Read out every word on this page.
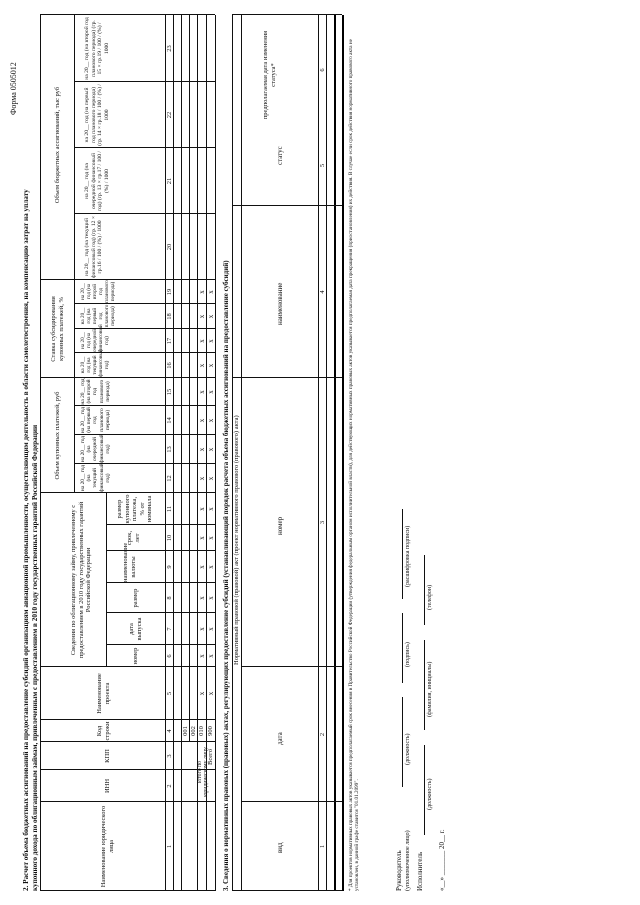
Форма 0505012
2. Расчет объема бюджетных ассигнований на предоставление субсидий организациям авиационной промышленности, осуществляющим деятельность в области самолетостроения, на компенсацию затрат на уплату купонного дохода по облигационным займам, привлеченным с предоставлением в 2010 году государственных гарантий Российской Федерации	Наименование юридического лица
ИНН
КПП
Код строки
Наименование проекта
Сведения по облигационному займу, привлеченному с предоставлением в 2010 году государственных гарантий Российской Федерации
номер
дата выпуска
размер
наименование валюты
срок, лет
размер купонного платежа, % от номинала
Объем купонных платежей, руб
Ставка субсидирования купонных платежей, %
Объем бюджетных ассигнований, тыс руб
на 20__ год (на текущий финансовый год)
на 20__ год (на очередной финансовый год)
на 20__ год (на первый год планового периода)
на 20__ год (на второй год планового периода)
на 20__ год (на текущий финансовый год)
на 20__ год (на очередной финансовый год)
на 20__ год (на первый год планового периода)
на 20__ год (на второй год планового периода)
на 20__ год (на текущий финансовый год) (гр. 12 × гр.16 / 100 / (%) / 1000
на 20__ год (на очередной финансовый год) (гр. 13 × гр.17 / 100 / (%) / 1000
на 20__ год (на первый год планового периода) (гр. 14 × гр.18 / 100 / (%) / 1000
на 20__ год (на второй год планового периода) (гр. 15 × гр.19 / 100 / (%) / 1000
1
2
3
4
5
6
7
8
9
10
11
12
13
14
15
16
17
18
19
20
21
22
23
001 002
Итого по юридическому лицу
010
Всего
900
x
x
x
x
x
x
x
x
x
x
x
x
x
x
x
x
x
x
x
x
x
x
x
x
x
x
x
x
x
x 3. Сведения о нормативных правовых (правовых) актах, регулирующих предоставление субсидий (устанавливающий порядок расчета объема бюджетных ассигнований на предоставление субсидий) Нормативный правовой (правовой) акт (проект нормативного правового (правового) акта)
вид
дата
номер
наименование
статус
предполагаемая дата изменения статуса*
1
2
3
4
5
6
Руководитель (уполномоченное лицо)
(должность)
(подпись)
(расшифровка подписи)
Исполнитель
(должность)
(фамилия, инициалы)
(телефон)
«__» _______ 20__ г.
* Для проектов нормативных правовых актов указывается предполагаемый срок внесения в Правительство Российской Федерации (утверждения федеральным органом исполнительной власти), для действующих нормативных правовых актов указывается предполагаемая дата прекращения (приостановления) их действия. В случае если срок действия нормативного правового акта не установлен, в данной графе ставится "01.01.2099".
